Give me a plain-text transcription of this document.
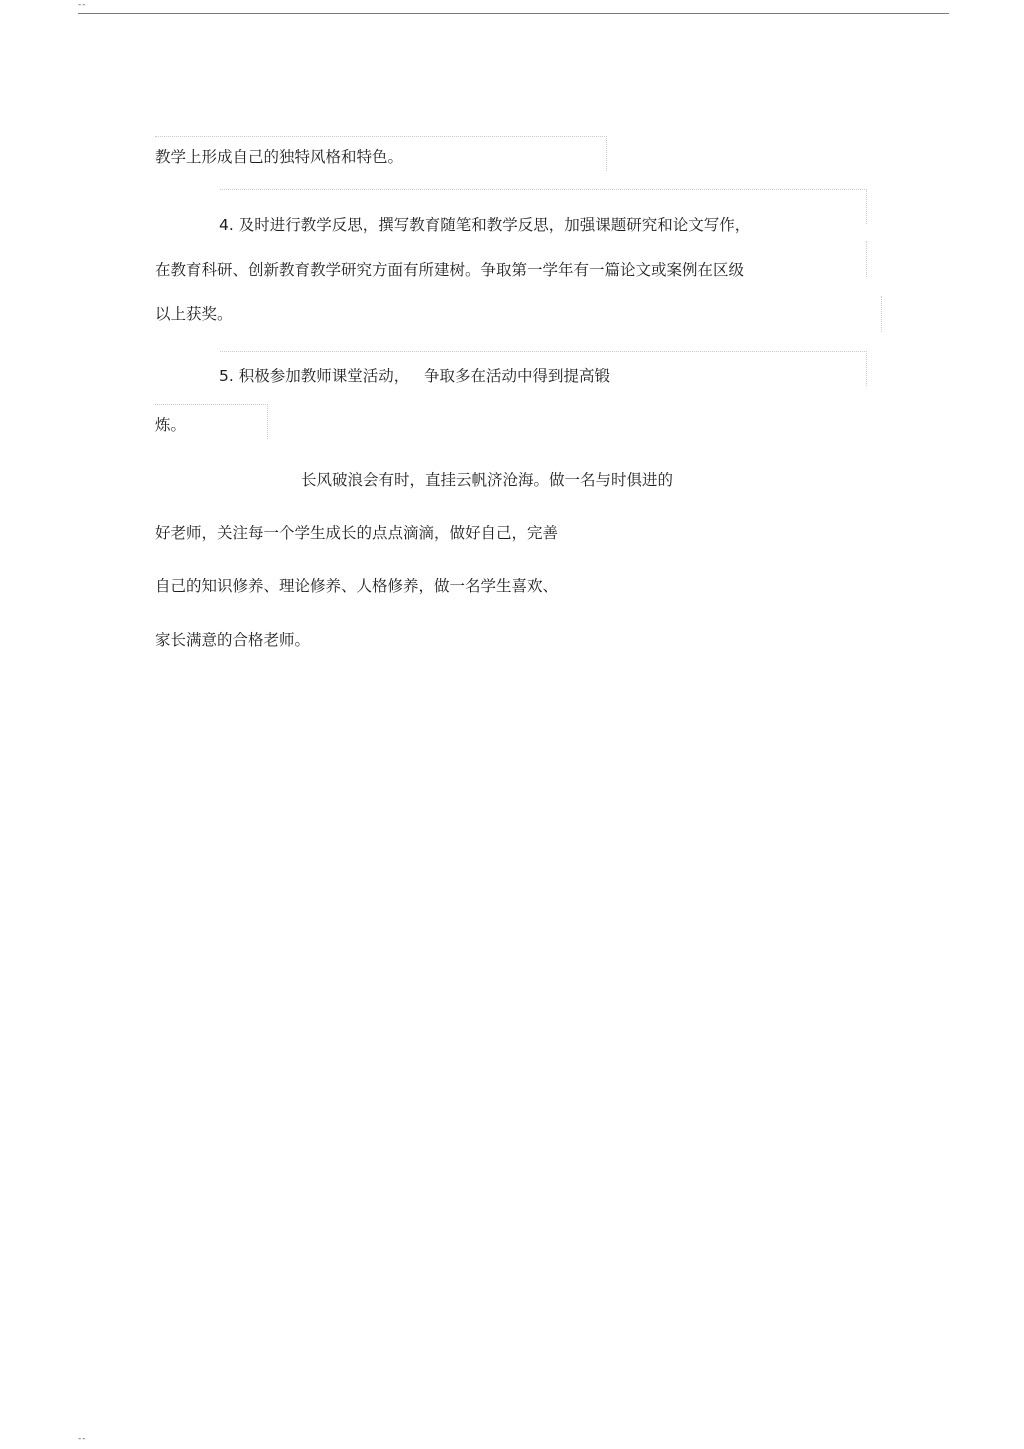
--
教学上形成自己的独特风格和特色。
4. 及时进行教学反思，撰写教育随笔和教学反思，加强课题研究和论文写作，
在教育科研、创新教育教学研究方面有所建树。争取第一学年有一篇论文或案例在区级
以上获奖。
5. 积极参加教师课堂活动，   争取多在活动中得到提高锻
炼。
长风破浪会有时，直挂云帆济沧海。做一名与时俱进的
好老师，关注每一个学生成长的点点滴滴，做好自己，完善
自己的知识修养、理论修养、人格修养，做一名学生喜欢、
家长满意的合格老师。
--
